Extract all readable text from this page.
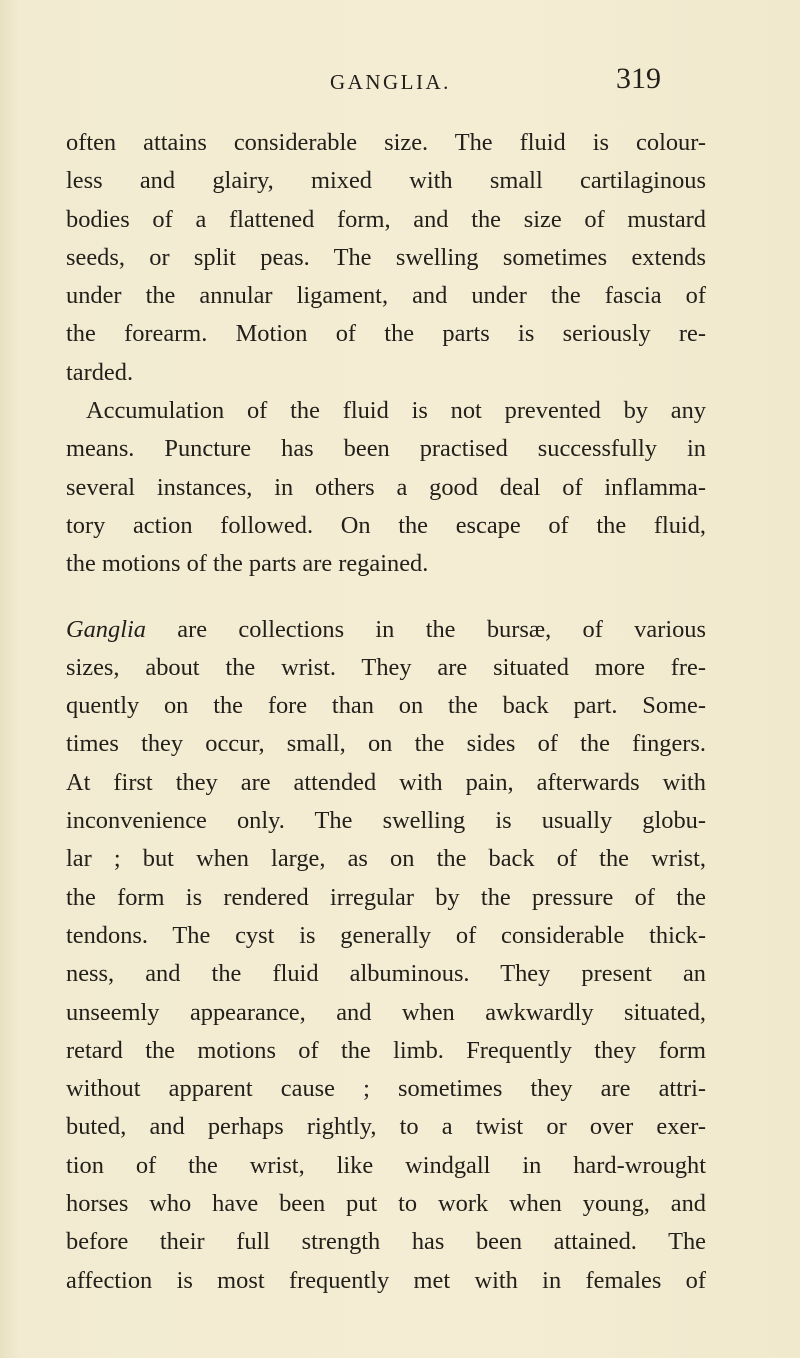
GANGLIA.	319
often attains considerable size. The fluid is colour-
less and glairy, mixed with small cartilaginous
bodies of a flattened form, and the size of mustard
seeds, or split peas. The swelling sometimes extends
under the annular ligament, and under the fascia of
the forearm. Motion of the parts is seriously re-
tarded.
Accumulation of the fluid is not prevented by any
means. Puncture has been practised successfully in
several instances, in others a good deal of inflamma-
tory action followed. On the escape of the fluid,
the motions of the parts are regained.
Ganglia are collections in the bursæ, of various
sizes, about the wrist. They are situated more fre-
quently on the fore than on the back part. Some-
times they occur, small, on the sides of the fingers.
At first they are attended with pain, afterwards with
inconvenience only. The swelling is usually globu-
lar ; but when large, as on the back of the wrist,
the form is rendered irregular by the pressure of the
tendons. The cyst is generally of considerable thick-
ness, and the fluid albuminous. They present an
unseemly appearance, and when awkwardly situated,
retard the motions of the limb. Frequently they form
without apparent cause ; sometimes they are attri-
buted, and perhaps rightly, to a twist or over exer-
tion of the wrist, like windgall in hard-wrought
horses who have been put to work when young, and
before their full strength has been attained. The
affection is most frequently met with in females of
